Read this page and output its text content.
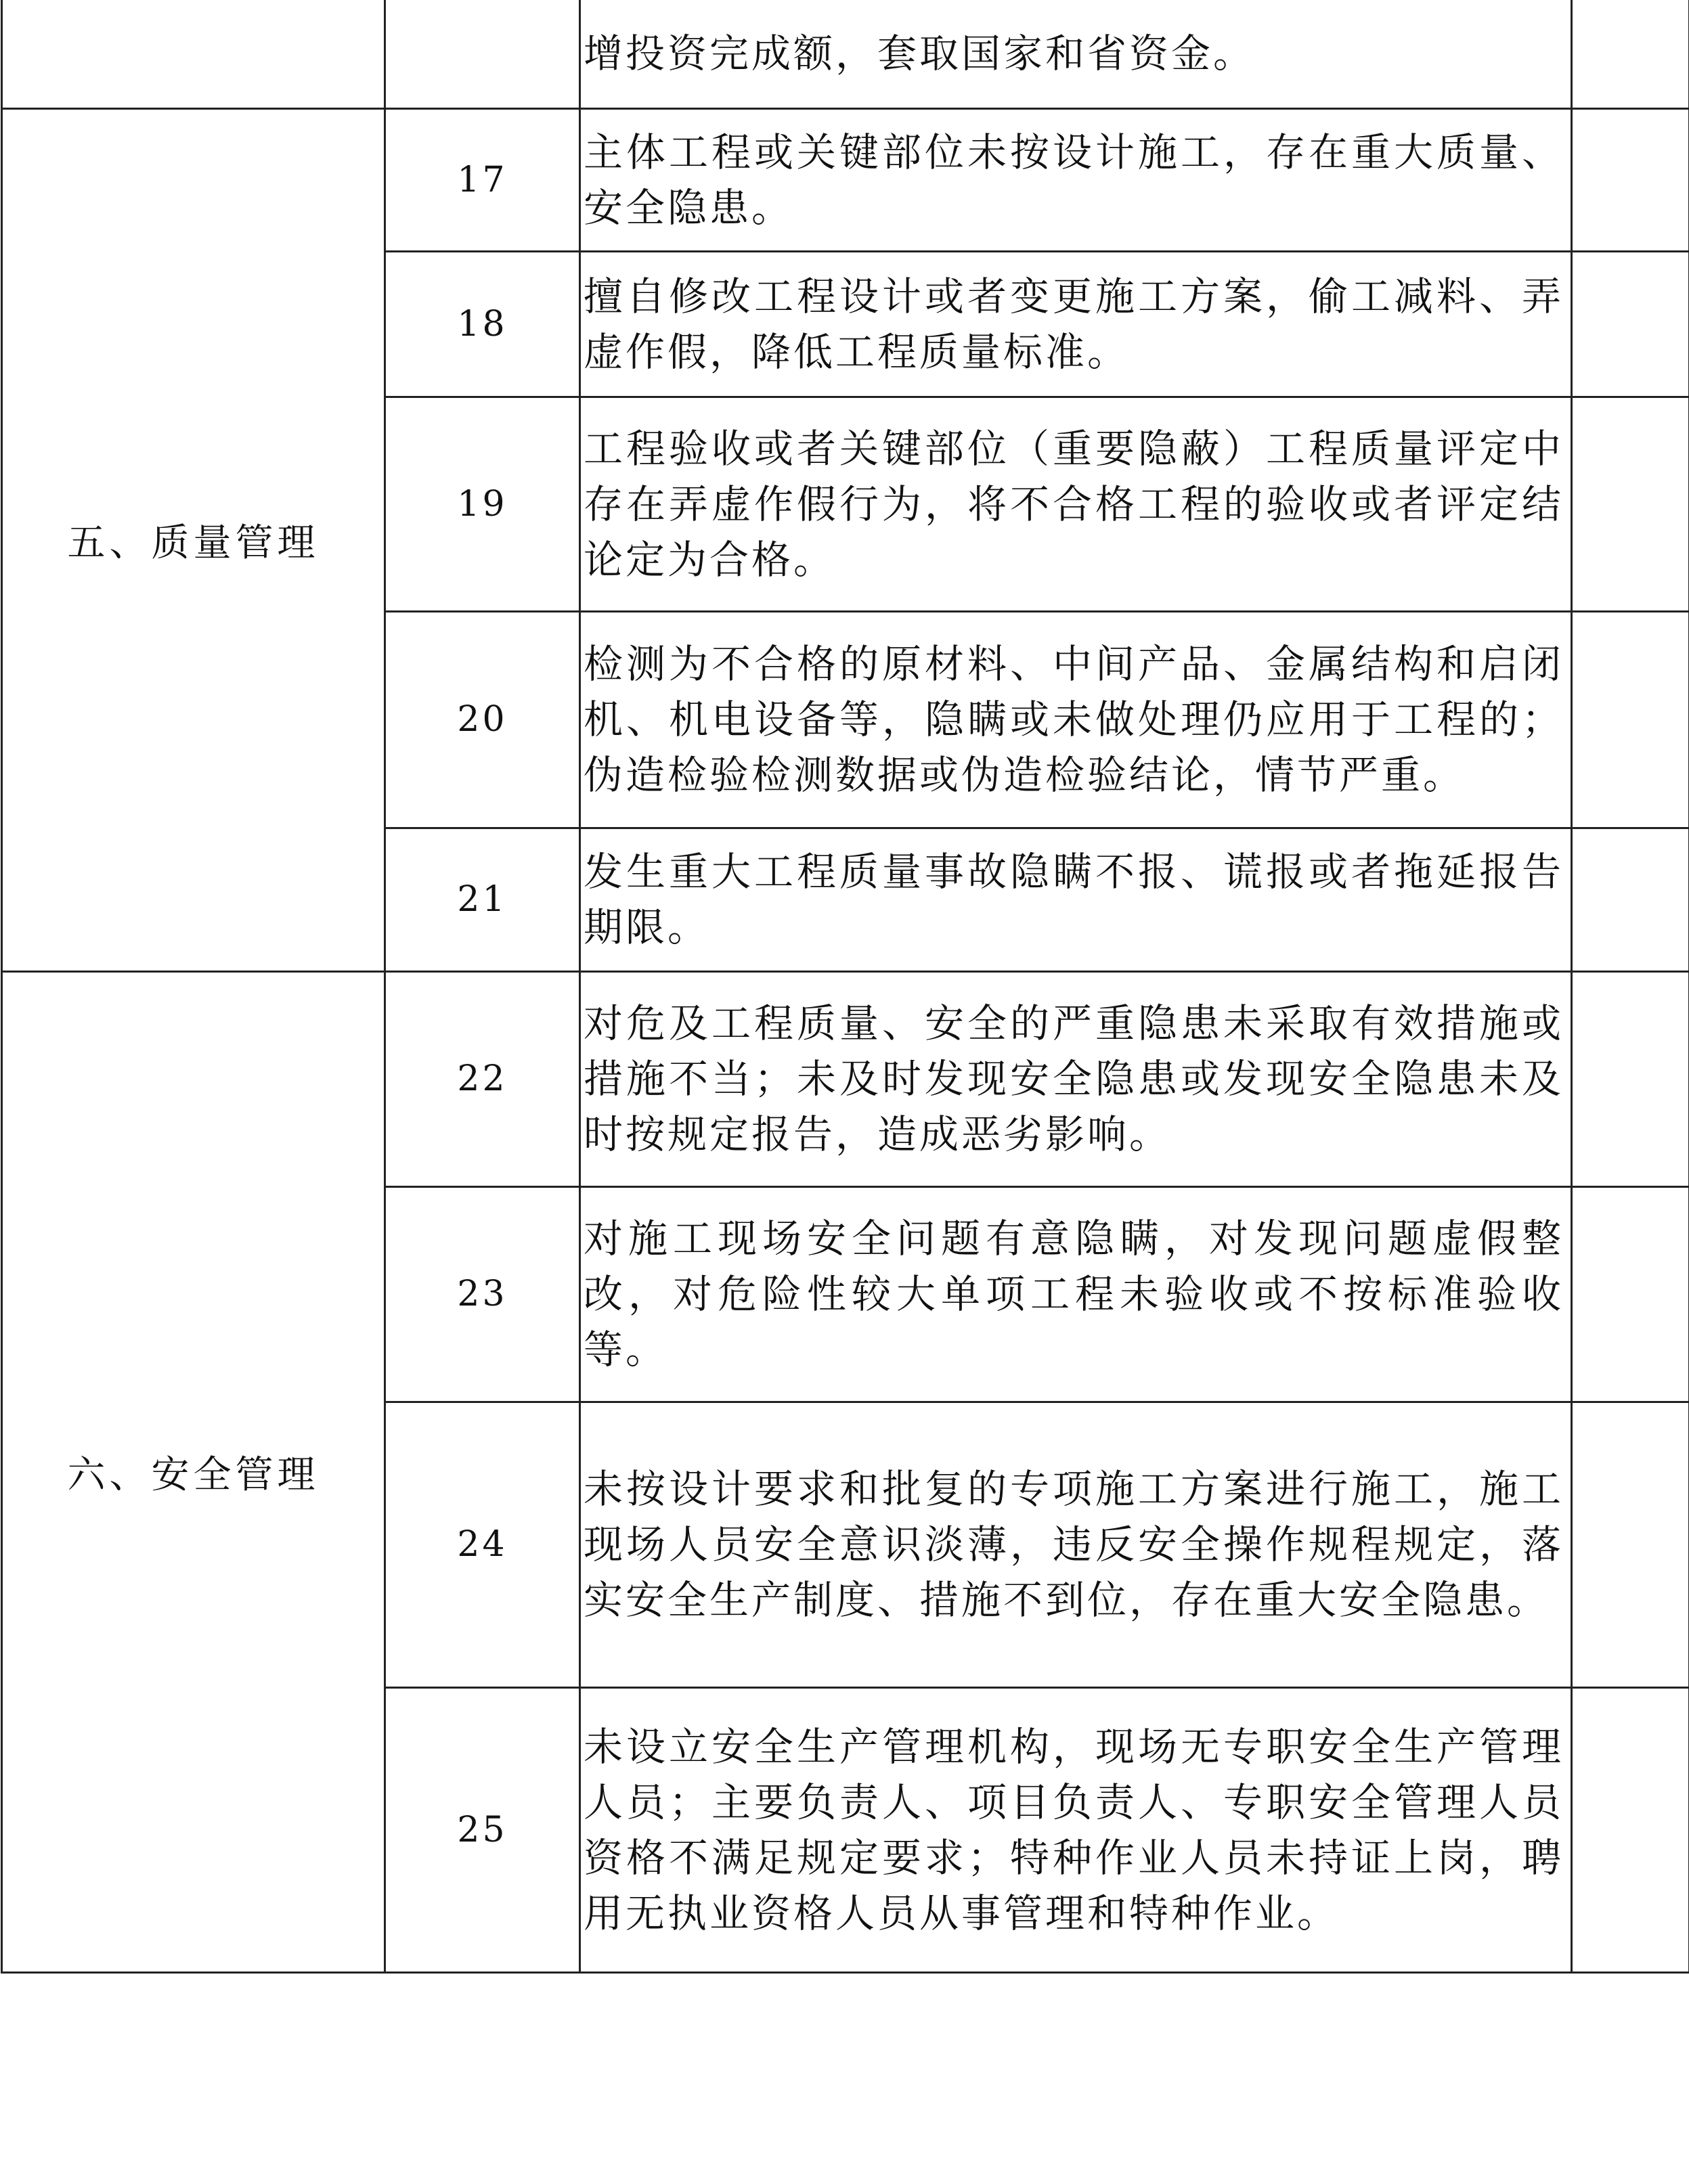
		增投资完成额，套取国家和省资金。	

五、质量管理	17	主体工程或关键部位未按设计施工，存在重大质量、安全隐患。	

	18	擅自修改工程设计或者变更施工方案，偷工减料、弄虚作假，降低工程质量标准。	

	19	工程验收或者关键部位（重要隐蔽）工程质量评定中存在弄虚作假行为，将不合格工程的验收或者评定结论定为合格。	

	20	检测为不合格的原材料、中间产品、金属结构和启闭机、机电设备等，隐瞒或未做处理仍应用于工程的；伪造检验检测数据或伪造检验结论，情节严重。	

	21	发生重大工程质量事故隐瞒不报、谎报或者拖延报告期限。	

六、安全管理	22	对危及工程质量、安全的严重隐患未采取有效措施或措施不当；未及时发现安全隐患或发现安全隐患未及时按规定报告，造成恶劣影响。	

	23	对施工现场安全问题有意隐瞒，对发现问题虚假整改，对危险性较大单项工程未验收或不按标准验收等。	

	24	未按设计要求和批复的专项施工方案进行施工，施工现场人员安全意识淡薄，违反安全操作规程规定，落实安全生产制度、措施不到位，存在重大安全隐患。	

	25	未设立安全生产管理机构，现场无专职安全生产管理人员；主要负责人、项目负责人、专职安全管理人员资格不满足规定要求；特种作业人员未持证上岗，聘用无执业资格人员从事管理和特种作业。	
